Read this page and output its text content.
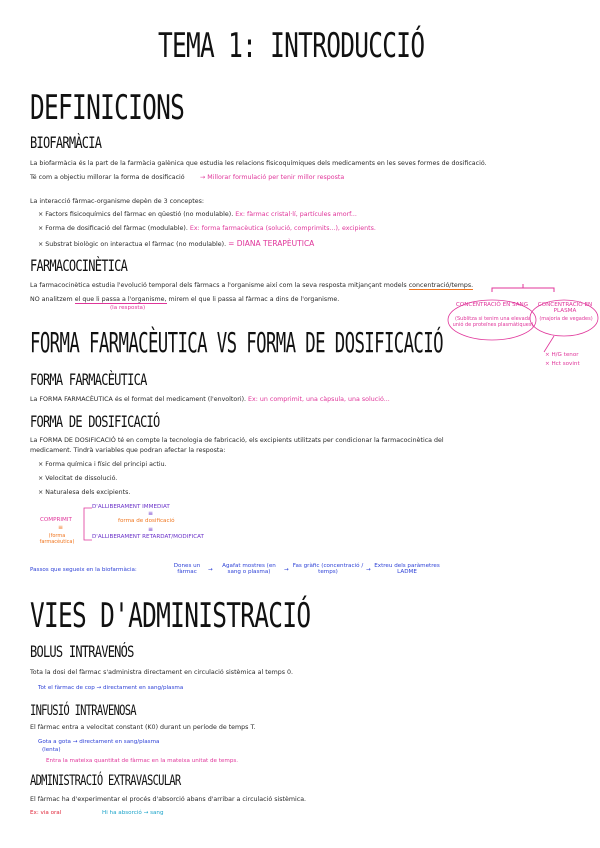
TEMA 1: INTRODUCCIÓ
DEFINICIONS
BIOFARMÀCIA
La biofarmàcia és la part de la farmàcia galènica que estudia les relacions fisicoquímiques dels medicaments en les seves formes de dosificació.
Té com a objectiu millorar la forma de dosificació → Millorar formulació per tenir millor resposta
La interacció fàrmac-organisme depèn de 3 conceptes:
× Factors fisicoquímics del fàrmac en qüestió (no modulable). Ex: fàrmac cristal·lí, partícules amorf...
× Forma de dosificació del fàrmac (modulable). Ex: forma farmacèutica (solució, comprimits...), excipients.
× Substrat biològic on interactua el fàrmac (no modulable). = DIANA TERAPÈUTICA
FARMACOCINÈTICA
La farmacocinètica estudia l'evolució temporal dels fàrmacs a l'organisme així com la seva resposta mitjançant models concentració/temps.
NO analitzem el que li passa a l'organisme, mirem el que li passa al fàrmac a dins de l'organisme.
(la resposta)	CONCENTRACIÓ EN SANG
(Sublitza si tenim una elevada unió de proteïnes plasmàtiques)
CONCENTRACIÓ EN PLASMA
(majoria de vegades)
× H/G tenor
× Hct sovint
FORMA FARMACÈUTICA VS FORMA DE DOSIFICACIÓ
FORMA FARMACÈUTICA
La FORMA FARMACÈUTICA és el format del medicament (l'envoltori). Ex: un comprimit, una càpsula, una solució...
FORMA DE DOSIFICACIÓ
La FORMA DE DOSIFICACIÓ té en compte la tecnologia de fabricació, els excipients utilitzats per condicionar la farmacocinètica del
medicament. Tindrà variables que podran afectar la resposta:
× Forma química i físic del principi actiu.
× Velocitat de dissolució.
× Naturalesa dels excipients.
COMPRIMIT
≡
(forma farmacèutica)
D'ALLIBERAMENT IMMEDIAT
≡
forma de dosificació
≡
D'ALLIBERAMENT RETARDAT/MODIFICAT
Passos que segueix en la biofarmàcia:
Dones un fàrmac	→
Agafat mostres (en sang o plasma)	→
Fas gràfic (concentració / temps)	→
Extreu dels paràmetres LADME
VIES D'ADMINISTRACIÓ
BOLUS INTRAVENÓS
Tota la dosi del fàrmac s'administra directament en circulació sistèmica al temps 0.
Tot el fàrmac de cop → directament en sang/plasma
INFUSIÓ INTRAVENOSA
El fàrmac entra a velocitat constant (K0) durant un període de temps T.
Gota a gota → directament en sang/plasma
(lenta)
Entra la mateixa quantitat de fàrmac en la mateixa unitat de temps.
ADMINISTRACIÓ EXTRAVASCULAR
El fàrmac ha d'experimentar el procés d'absorció abans d'arribar a circulació sistèmica.
Ex: via oral	Hi ha absorció → sang
